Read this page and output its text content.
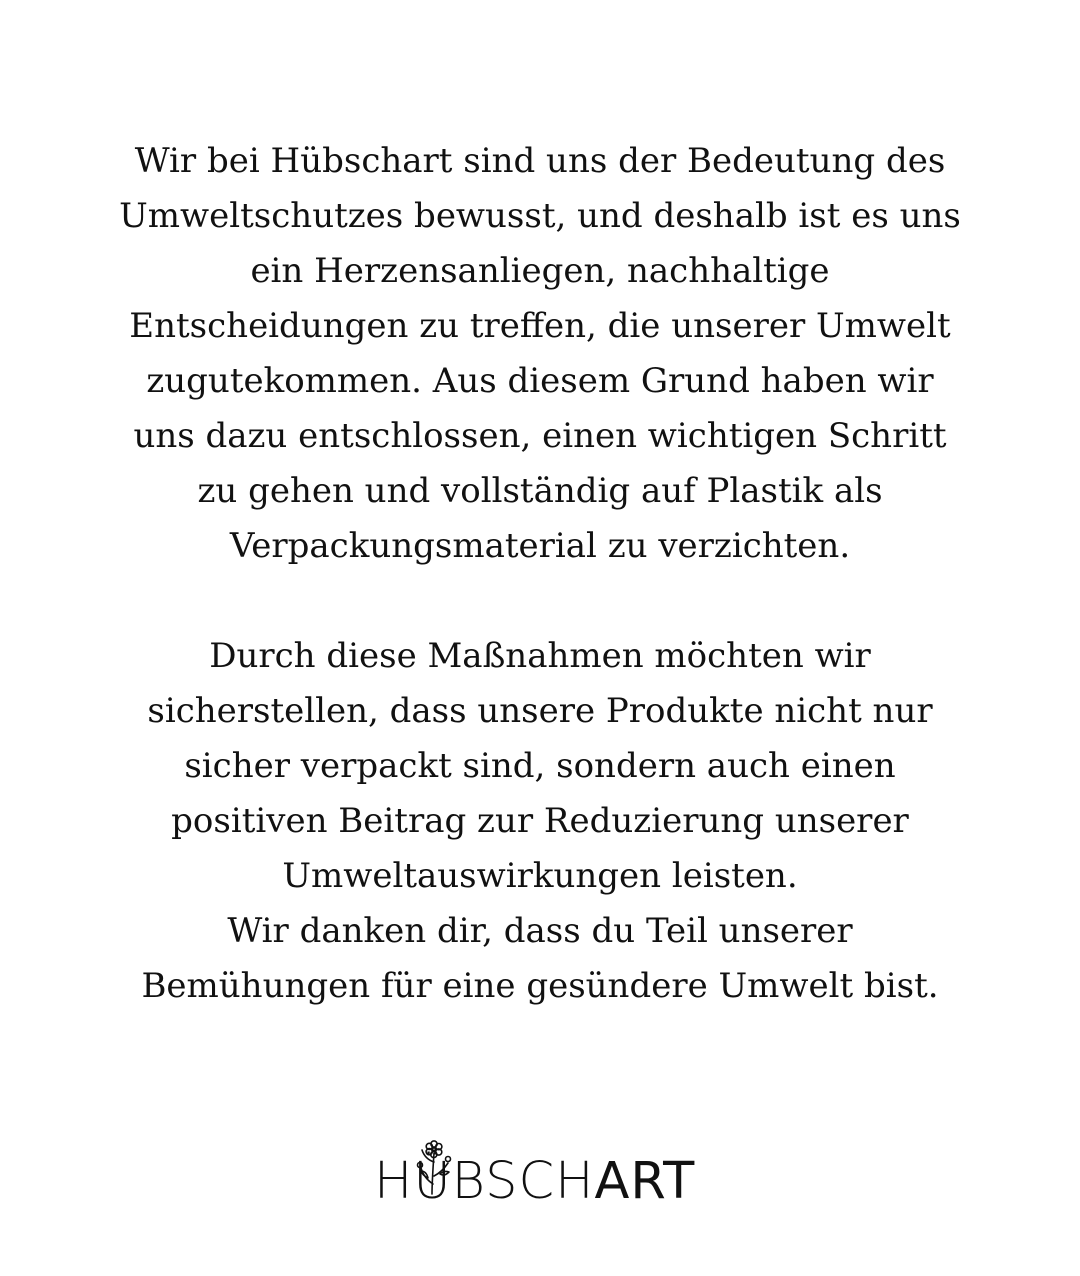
Wir bei Hübschart sind uns der Bedeutung des
Umweltschutzes bewusst, und deshalb ist es uns
ein Herzensanliegen, nachhaltige
Entscheidungen zu treffen, die unserer Umwelt
zugutekommen. Aus diesem Grund haben wir
uns dazu entschlossen, einen wichtigen Schritt
zu gehen und vollständig auf Plastik als
Verpackungsmaterial zu verzichten.
Durch diese Maßnahmen möchten wir
sicherstellen, dass unsere Produkte nicht nur
sicher verpackt sind, sondern auch einen
positiven Beitrag zur Reduzierung unserer
Umweltauswirkungen leisten.
Wir danken dir, dass du Teil unserer
Bemühungen für eine gesündere Umwelt bist.
HÜBSCHART
